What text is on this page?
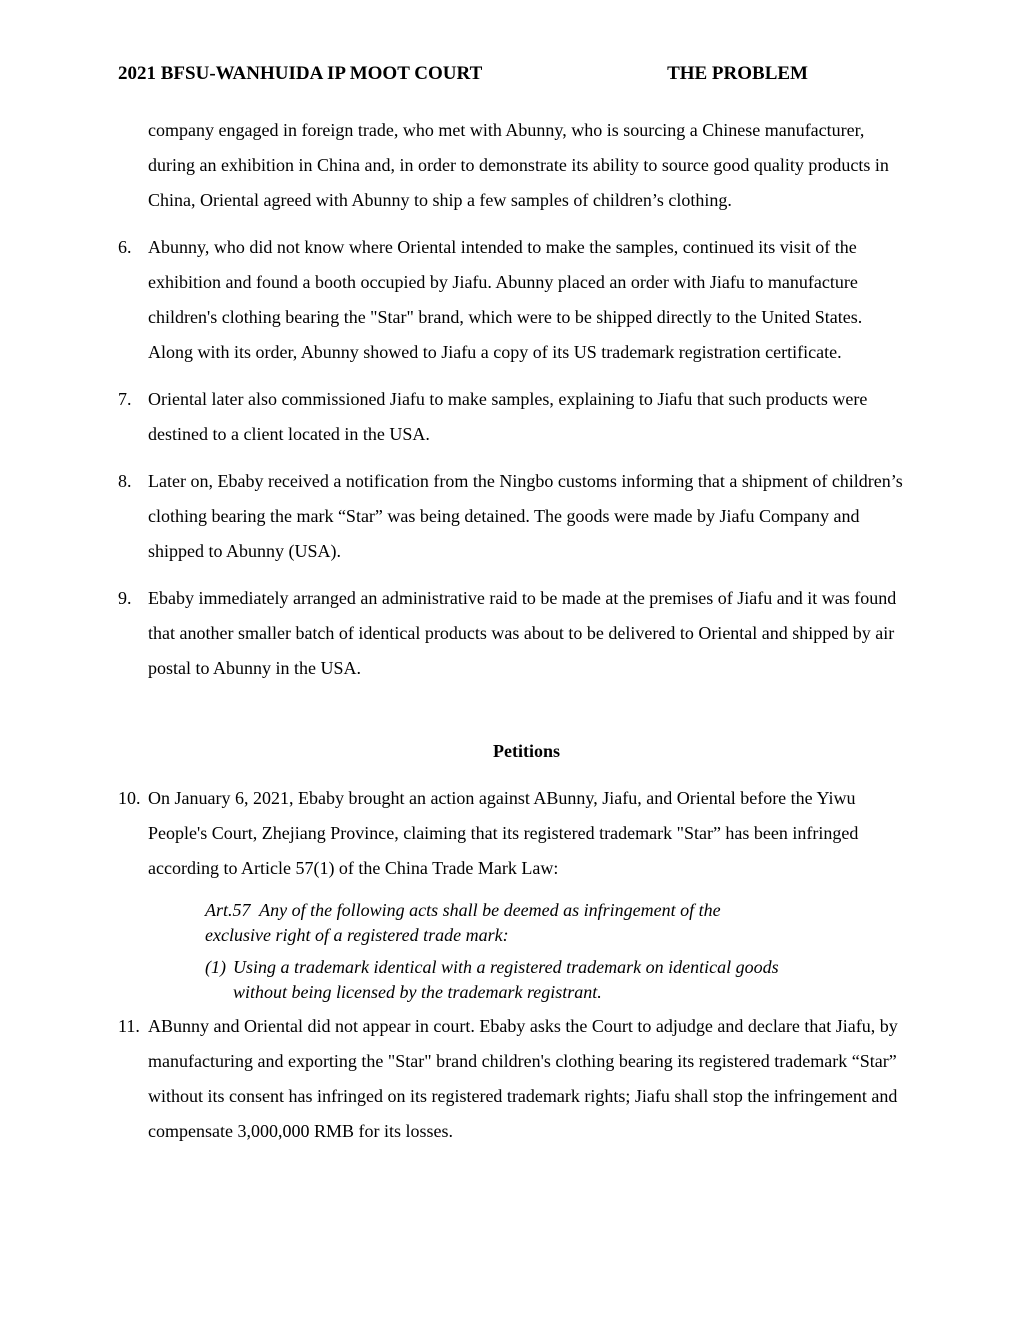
2021 BFSU-WANHUIDA IP MOOT COURT	THE PROBLEM
company engaged in foreign trade, who met with Abunny, who is sourcing a Chinese manufacturer,  during an exhibition in China and, in order to demonstrate its ability to source good quality products in China, Oriental agreed with Abunny to ship a few samples of children’s clothing.
6. Abunny, who did not know where Oriental intended to make the samples, continued its visit of the exhibition and found a booth occupied by Jiafu. Abunny placed an order with Jiafu to manufacture children's clothing bearing the "Star" brand, which were to be shipped directly to the United States. Along with its order, Abunny showed to Jiafu a copy of its US trademark registration certificate.
7. Oriental later also commissioned Jiafu to make samples, explaining to Jiafu that such products were destined to a client located in the USA.
8. Later on, Ebaby received a notification from the Ningbo customs informing that a shipment of children’s clothing bearing the mark “Star” was being detained. The goods were made by Jiafu Company and shipped to Abunny (USA).
9. Ebaby immediately arranged an administrative raid to be made at the premises of Jiafu and it was found that another smaller batch of identical products was about to be delivered to Oriental and shipped by air postal to Abunny in the USA.
Petitions
10. On January 6, 2021, Ebaby brought an action against ABunny, Jiafu, and Oriental before the Yiwu People's Court, Zhejiang Province, claiming that its registered trademark "Star” has been infringed according to Article 57(1) of the China Trade Mark Law:
Art.57  Any of the following acts shall be deemed as infringement of the
exclusive right of a registered trade mark:
(1) Using a trademark identical with a registered trademark on identical goods
without being licensed by the trademark registrant.
11. ABunny and Oriental did not appear in court. Ebaby asks the Court to adjudge and declare that Jiafu, by manufacturing and exporting the "Star" brand children's clothing bearing its registered trademark “Star” without its consent has infringed on its registered trademark rights; Jiafu shall stop the infringement and compensate 3,000,000 RMB for its losses.
